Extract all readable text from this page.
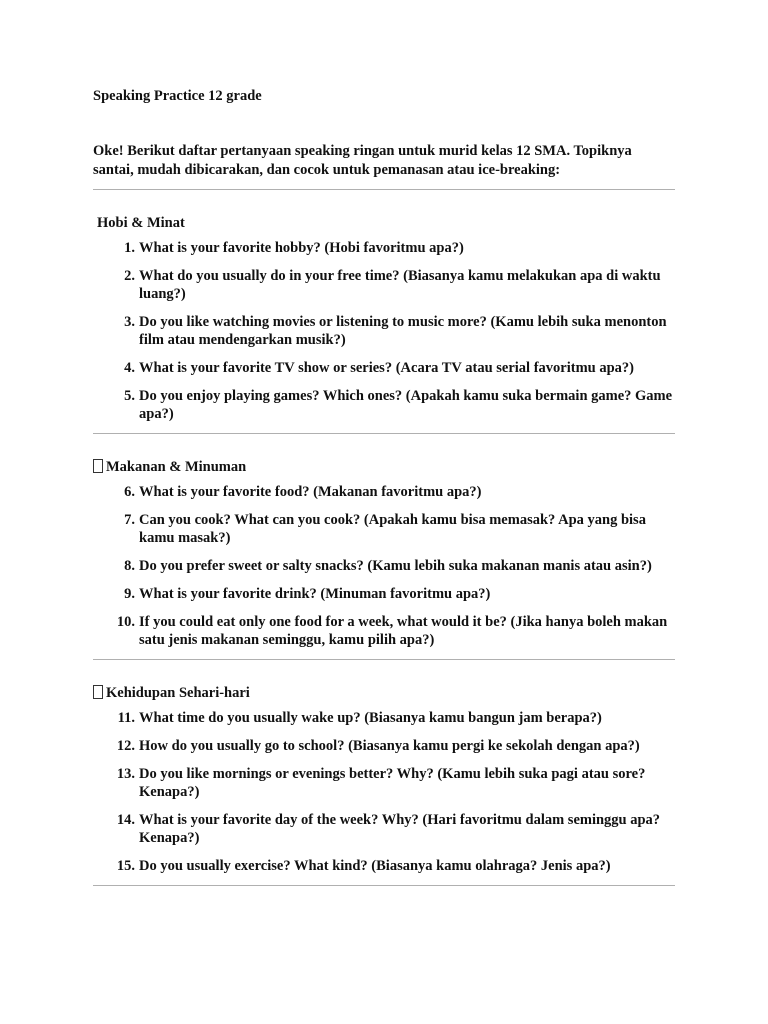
Speaking Practice 12 grade

Oke! Berikut daftar pertanyaan speaking ringan untuk murid kelas 12 SMA. Topiknya santai, mudah dibicarakan, dan cocok untuk pemanasan atau ice-breaking:

Hobi & Minat

1. What is your favorite hobby? (Hobi favoritmu apa?)
2. What do you usually do in your free time? (Biasanya kamu melakukan apa di waktu luang?)
3. Do you like watching movies or listening to music more? (Kamu lebih suka menonton film atau mendengarkan musik?)
4. What is your favorite TV show or series? (Acara TV atau serial favoritmu apa?)
5. Do you enjoy playing games? Which ones? (Apakah kamu suka bermain game? Game apa?)

Makanan & Minuman

6. What is your favorite food? (Makanan favoritmu apa?)
7. Can you cook? What can you cook? (Apakah kamu bisa memasak? Apa yang bisa kamu masak?)
8. Do you prefer sweet or salty snacks? (Kamu lebih suka makanan manis atau asin?)
9. What is your favorite drink? (Minuman favoritmu apa?)
10. If you could eat only one food for a week, what would it be? (Jika hanya boleh makan satu jenis makanan seminggu, kamu pilih apa?)

Kehidupan Sehari-hari

11. What time do you usually wake up? (Biasanya kamu bangun jam berapa?)
12. How do you usually go to school? (Biasanya kamu pergi ke sekolah dengan apa?)
13. Do you like mornings or evenings better? Why? (Kamu lebih suka pagi atau sore? Kenapa?)
14. What is your favorite day of the week? Why? (Hari favoritmu dalam seminggu apa? Kenapa?)
15. Do you usually exercise? What kind? (Biasanya kamu olahraga? Jenis apa?)
